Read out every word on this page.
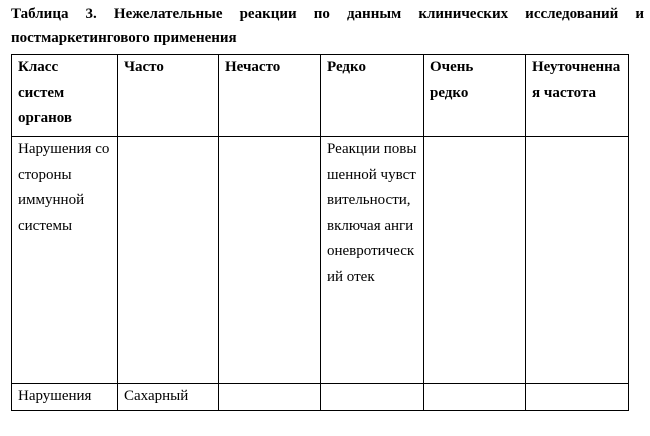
Таблица 3. Нежелательные реакции по данным клинических исследований и
постмаркетингового применения
Класс систем органов	Часто	Нечасто	Редко	Очень редко	Неуточненная частота

Нарушения со стороны иммунной системы			Реакции повышенной чувствительности, включая ангионевротический отек		

Нарушения	Сахарный				
